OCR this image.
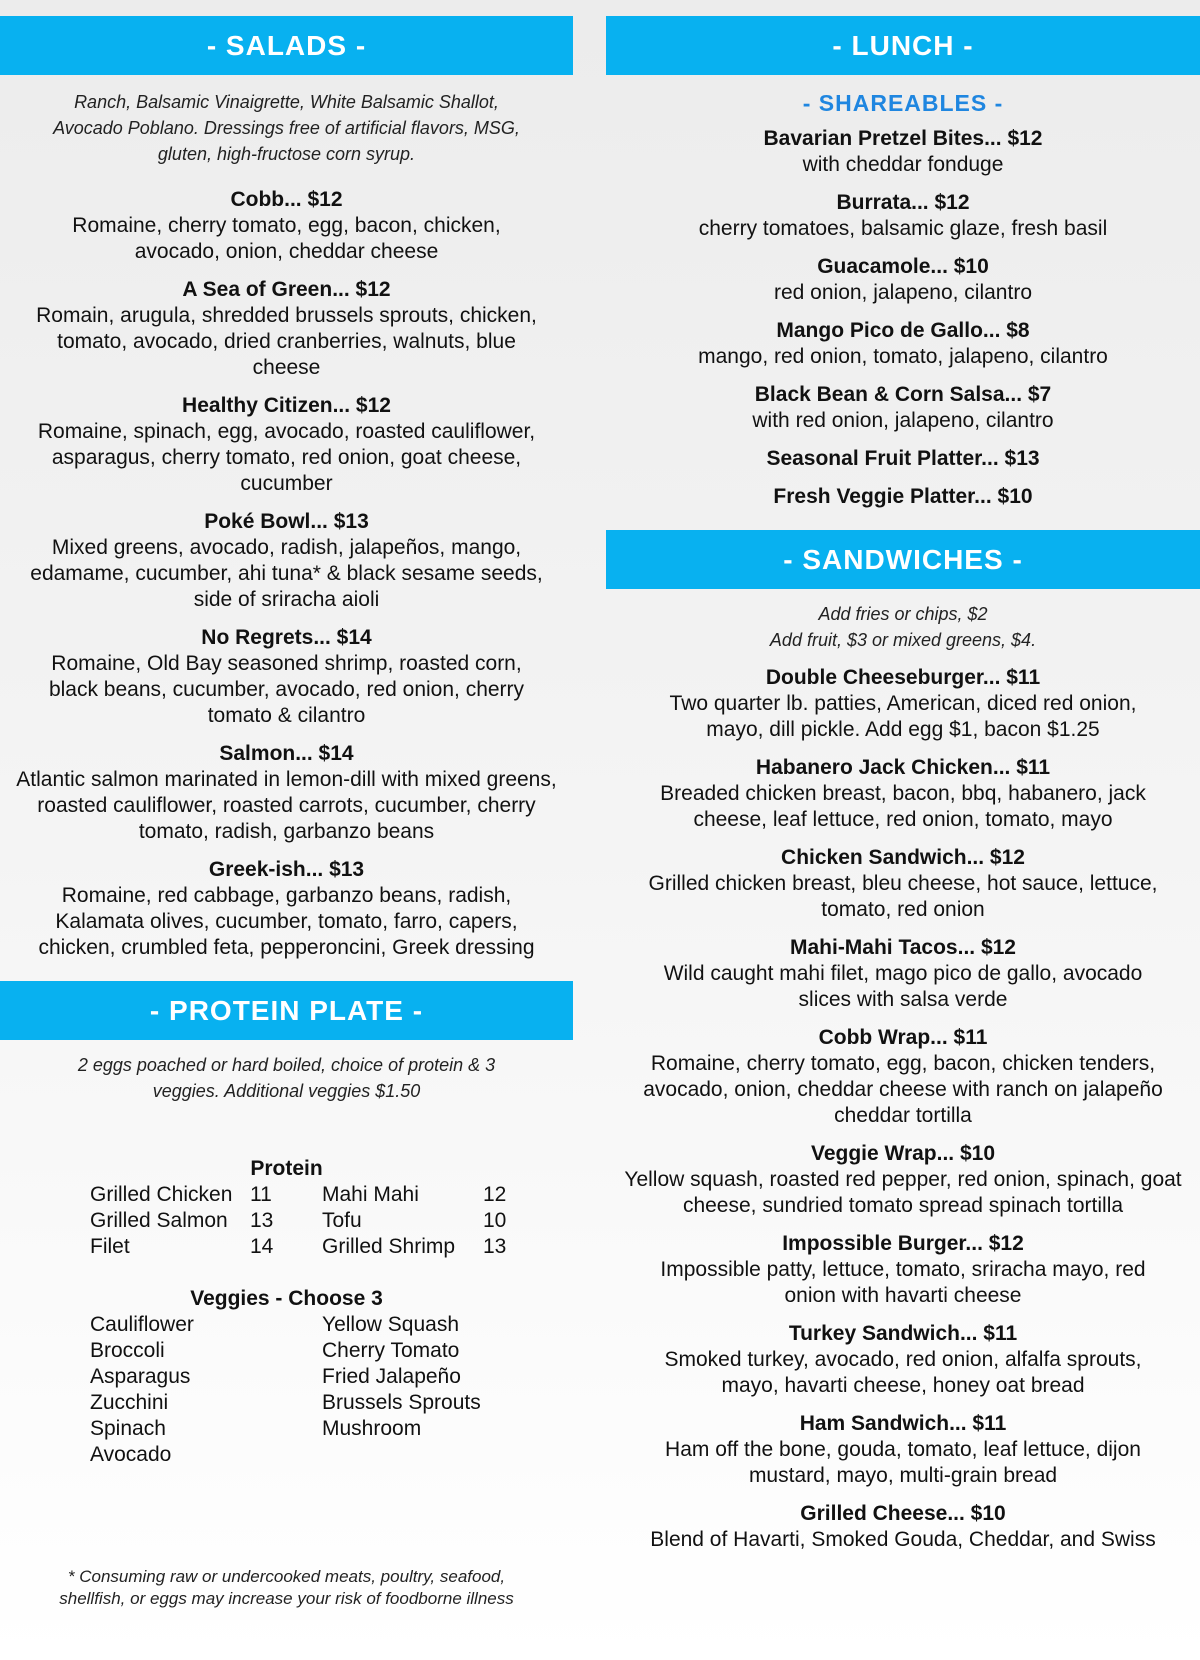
- SALADS -
Ranch, Balsamic Vinaigrette, White Balsamic Shallot, Avocado Poblano. Dressings free of artificial flavors, MSG, gluten, high-fructose corn syrup.
Cobb... $12
Romaine, cherry tomato, egg, bacon, chicken, avocado, onion, cheddar cheese
A Sea of Green... $12
Romain, arugula, shredded brussels sprouts, chicken, tomato, avocado, dried cranberries, walnuts, blue cheese
Healthy Citizen... $12
Romaine, spinach, egg, avocado, roasted cauliflower, asparagus, cherry tomato, red onion, goat cheese, cucumber
Poké Bowl... $13
Mixed greens, avocado, radish, jalapeños, mango, edamame, cucumber, ahi tuna* & black sesame seeds, side of sriracha aioli
No Regrets... $14
Romaine, Old Bay seasoned shrimp, roasted corn, black beans, cucumber, avocado, red onion, cherry tomato & cilantro
Salmon... $14
Atlantic salmon marinated in lemon-dill with mixed greens, roasted cauliflower, roasted carrots, cucumber, cherry tomato, radish, garbanzo beans
Greek-ish... $13
Romaine, red cabbage, garbanzo beans, radish, Kalamata olives, cucumber, tomato, farro, capers, chicken, crumbled feta, pepperoncini, Greek dressing
- PROTEIN PLATE -
2 eggs poached or hard boiled, choice of protein & 3 veggies. Additional veggies $1.50
Protein
Grilled Chicken 11 Mahi Mahi	12
Grilled Salmon 13 Tofu	10
Filet	14 Grilled Shrimp 13
Veggies - Choose 3
Cauliflower
Broccoli
Asparagus
Zucchini
Spinach
Avocado
Yellow Squash
Cherry Tomato
Fried Jalapeño
Brussels Sprouts
Mushroom
* Consuming raw or undercooked meats, poultry, seafood, shellfish, or eggs may increase your risk of foodborne illness
- LUNCH -
- SHAREABLES -
Bavarian Pretzel Bites... $12
with cheddar fonduge
Burrata... $12
cherry tomatoes, balsamic glaze, fresh basil
Guacamole... $10
red onion, jalapeno, cilantro
Mango Pico de Gallo... $8
mango, red onion, tomato, jalapeno, cilantro
Black Bean & Corn Salsa... $7
with red onion, jalapeno, cilantro
Seasonal Fruit Platter... $13
Fresh Veggie Platter... $10
- SANDWICHES -
Add fries or chips, $2
Add fruit, $3 or mixed greens, $4.
Double Cheeseburger... $11
Two quarter lb. patties, American, diced red onion, mayo, dill pickle. Add egg $1, bacon $1.25
Habanero Jack Chicken... $11
Breaded chicken breast, bacon, bbq, habanero, jack cheese, leaf lettuce, red onion, tomato, mayo
Chicken Sandwich... $12
Grilled chicken breast, bleu cheese, hot sauce, lettuce, tomato, red onion
Mahi-Mahi Tacos... $12
Wild caught mahi filet, mago pico de gallo, avocado slices with salsa verde
Cobb Wrap... $11
Romaine, cherry tomato, egg, bacon, chicken tenders, avocado, onion, cheddar cheese with ranch on jalapeño cheddar tortilla
Veggie Wrap... $10
Yellow squash, roasted red pepper, red onion, spinach, goat cheese, sundried tomato spread spinach tortilla
Impossible Burger... $12
Impossible patty, lettuce, tomato, sriracha mayo, red onion with havarti cheese
Turkey Sandwich... $11
Smoked turkey, avocado, red onion, alfalfa sprouts, mayo, havarti cheese, honey oat bread
Ham Sandwich... $11
Ham off the bone, gouda, tomato, leaf lettuce, dijon mustard, mayo, multi-grain bread
Grilled Cheese... $10
Blend of Havarti, Smoked Gouda, Cheddar, and Swiss
